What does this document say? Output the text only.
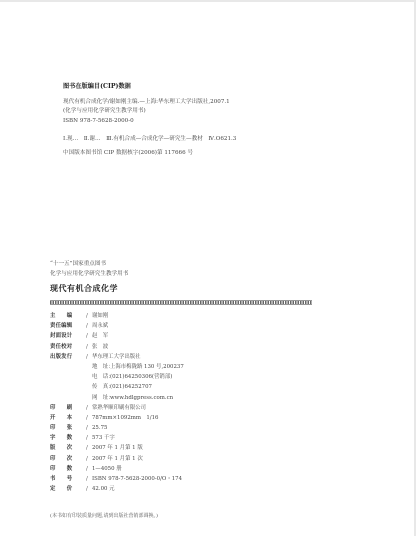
图书在版编目(CIP)数据
现代有机合成化学/谢如刚主编.—上海:华东理工大学出版社,2007.1
(化学与应用化学研究生教学用书)
ISBN 978-7-5628-2000-0
Ⅰ.现…　Ⅱ.谢…　Ⅲ.有机合成—合成化学—研究生—教材　Ⅳ.O621.3
中国版本图书馆 CIP 数据核字(2006)第 117666 号
“十一五”国家重点图书
化学与应用化学研究生教学用书
现代有机合成化学
主　　编	/ 谢如刚
责任编辑	/ 周永斌
封面设计	/ 赵　军
责任校对	/ 张　波
出版发行	/ 华东理工大学出版社
地　址：
上海市梅陇路 130 号,200237
电　话：
(021)64250306(营销部)
传　真：
(021)64252707
网　址：
www.hdlgpress.com.cn
印　　刷	/ 常熟华顺印刷有限公司
开　　本	/ 787mm×1092mm　1/16
印　　张	/ 25.75
字　　数	/ 573 千字
版　　次	/ 2007 年 1 月第 1 版
印　　次	/ 2007 年 1 月第 1 次
印　　数	/ 1—4050 册
书　　号	/ ISBN 978-7-5628-2000-0/O・174
定　　价	/ 42.00 元
(本书如有印装质量问题,请到出版社营销部调换。)
